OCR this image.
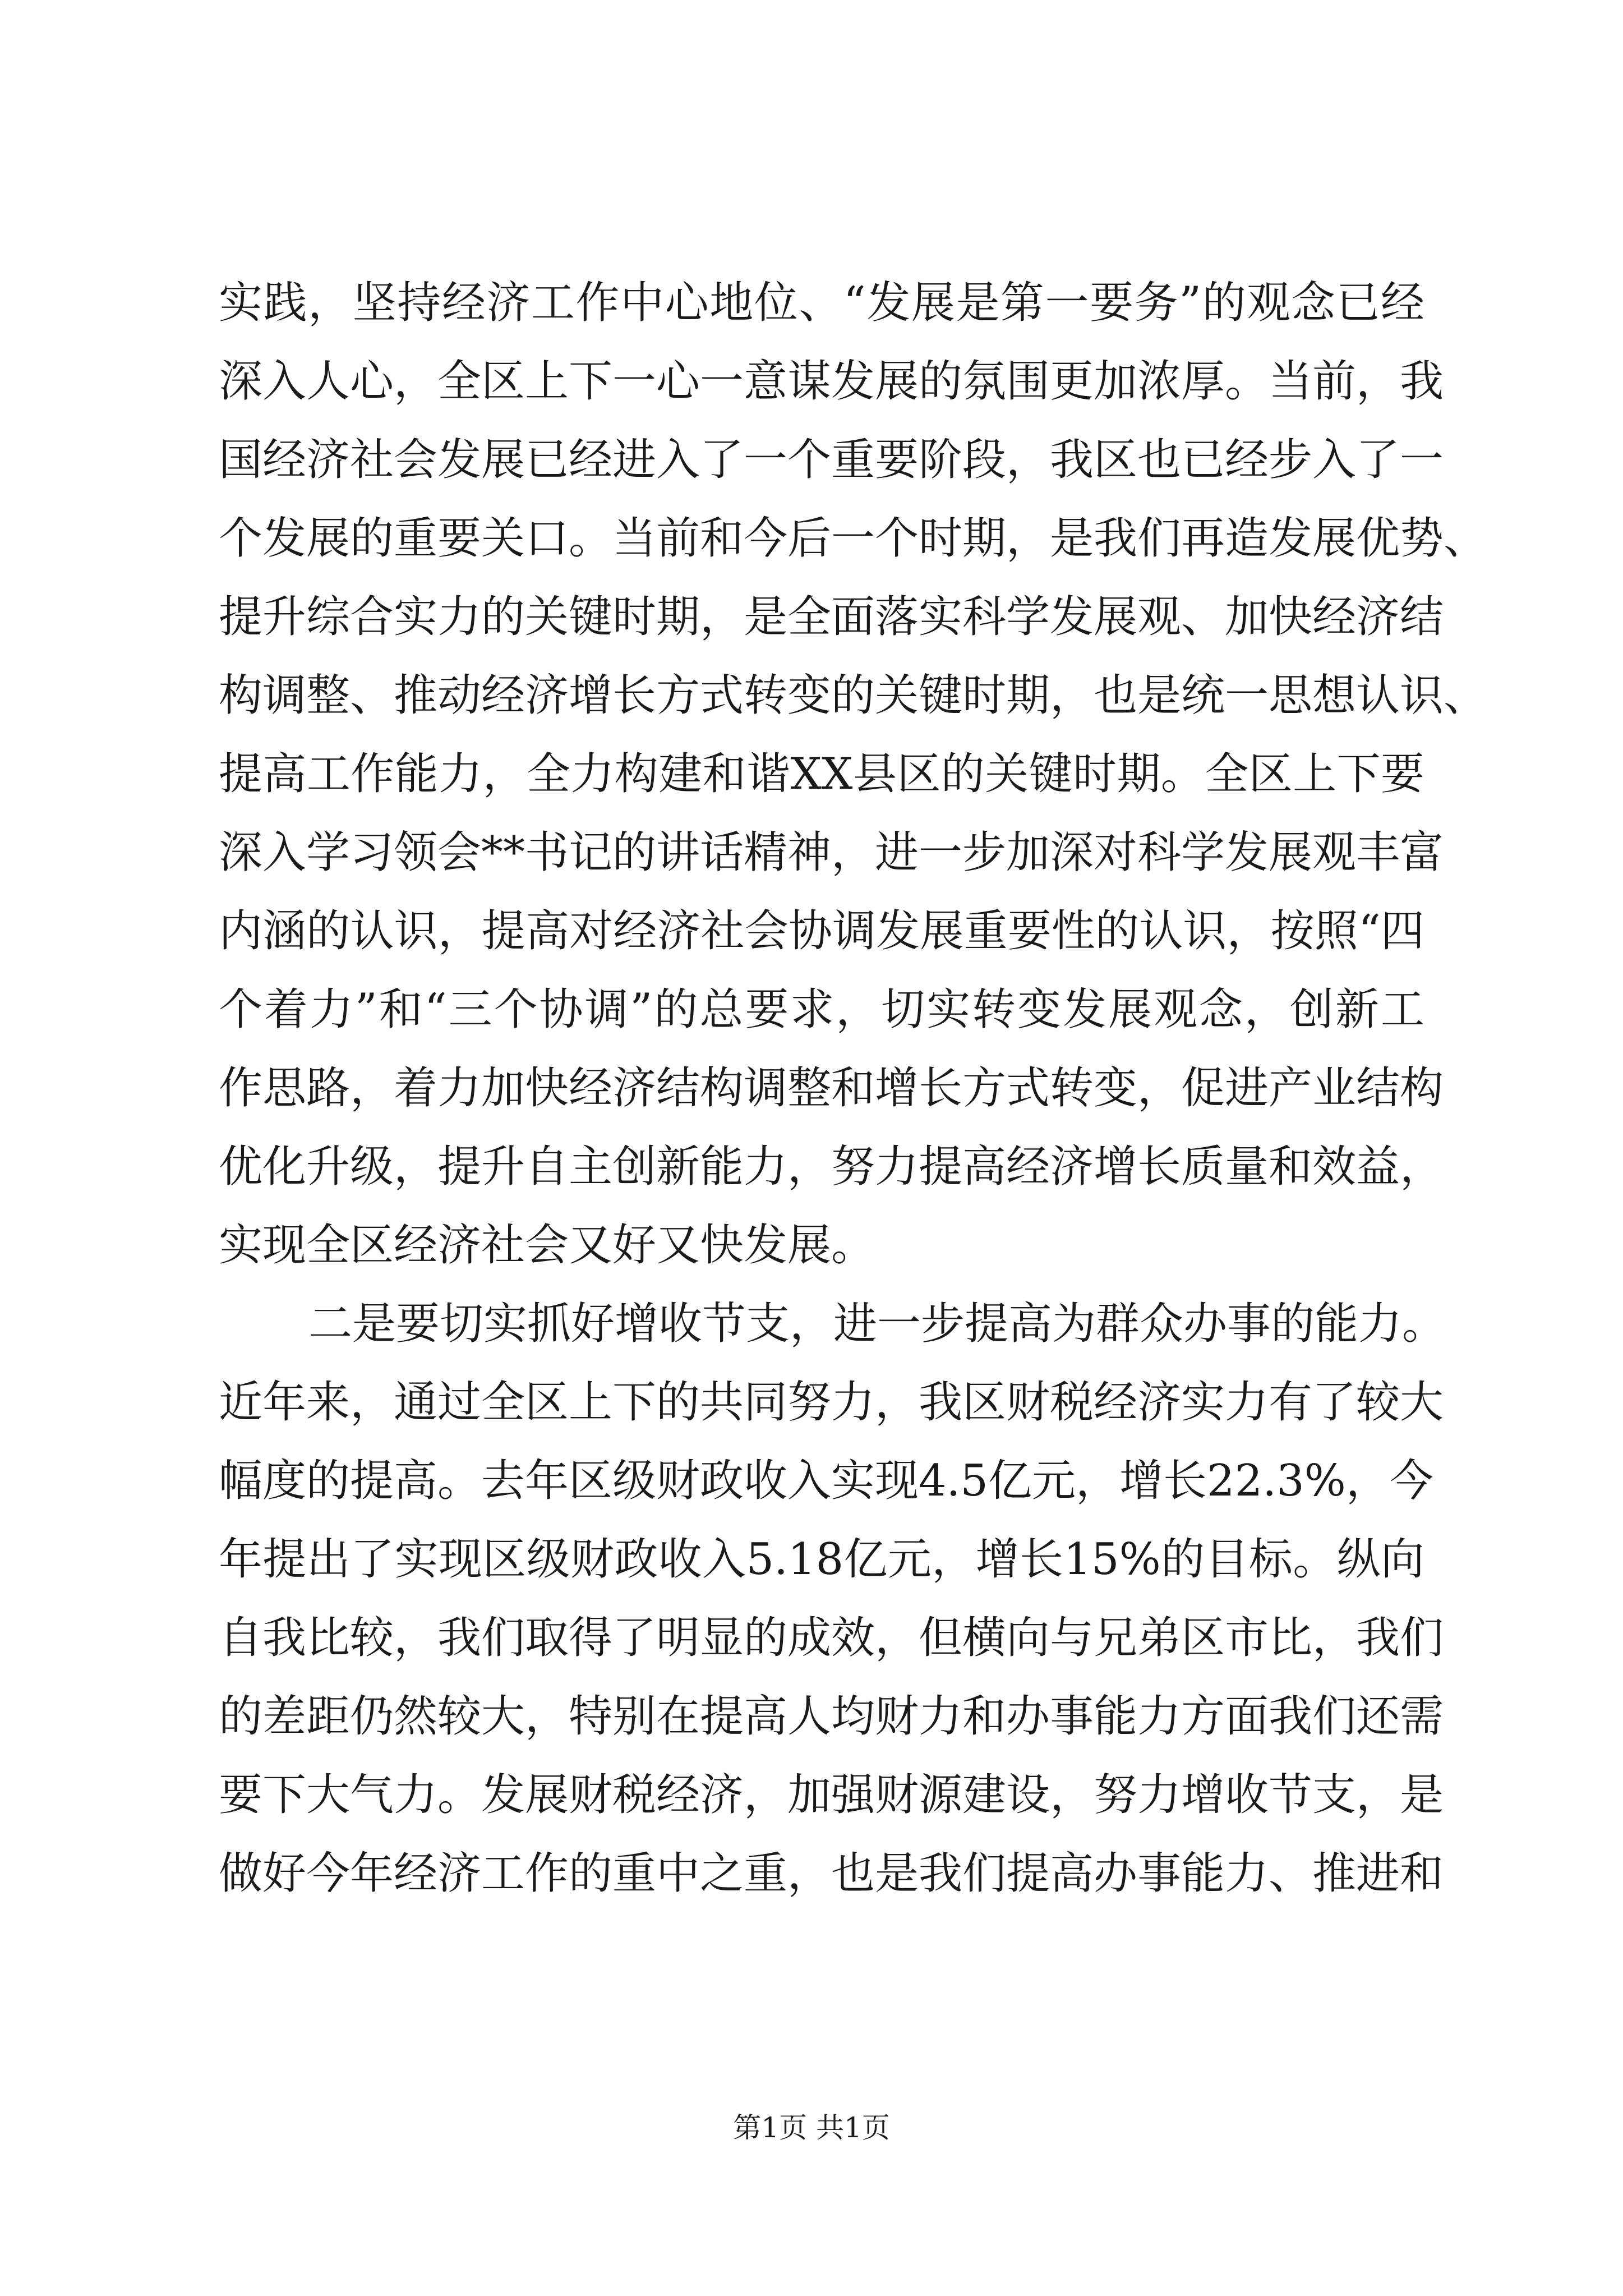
实践，坚持经济工作中心地位、“发展是第一要务”的观念已经
深入人心，全区上下一心一意谋发展的氛围更加浓厚。当前，我
国经济社会发展已经进入了一个重要阶段，我区也已经步入了一
个发展的重要关口。当前和今后一个时期，是我们再造发展优势、
提升综合实力的关键时期，是全面落实科学发展观、加快经济结
构调整、推动经济增长方式转变的关键时期，也是统一思想认识、
提高工作能力，全力构建和谐XX县区的关键时期。全区上下要
深入学习领会**书记的讲话精神，进一步加深对科学发展观丰富
内涵的认识，提高对经济社会协调发展重要性的认识，按照“四
个着力”和“三个协调”的总要求，切实转变发展观念，创新工
作思路，着力加快经济结构调整和增长方式转变，促进产业结构
优化升级，提升自主创新能力，努力提高经济增长质量和效益，
实现全区经济社会又好又快发展。
二是要切实抓好增收节支，进一步提高为群众办事的能力。
近年来，通过全区上下的共同努力，我区财税经济实力有了较大
幅度的提高。去年区级财政收入实现4.5亿元，增长22.3%，今
年提出了实现区级财政收入5.18亿元，增长15%的目标。纵向
自我比较，我们取得了明显的成效，但横向与兄弟区市比，我们
的差距仍然较大，特别在提高人均财力和办事能力方面我们还需
要下大气力。发展财税经济，加强财源建设，努力增收节支，是
做好今年经济工作的重中之重，也是我们提高办事能力、推进和
第1页 共1页
